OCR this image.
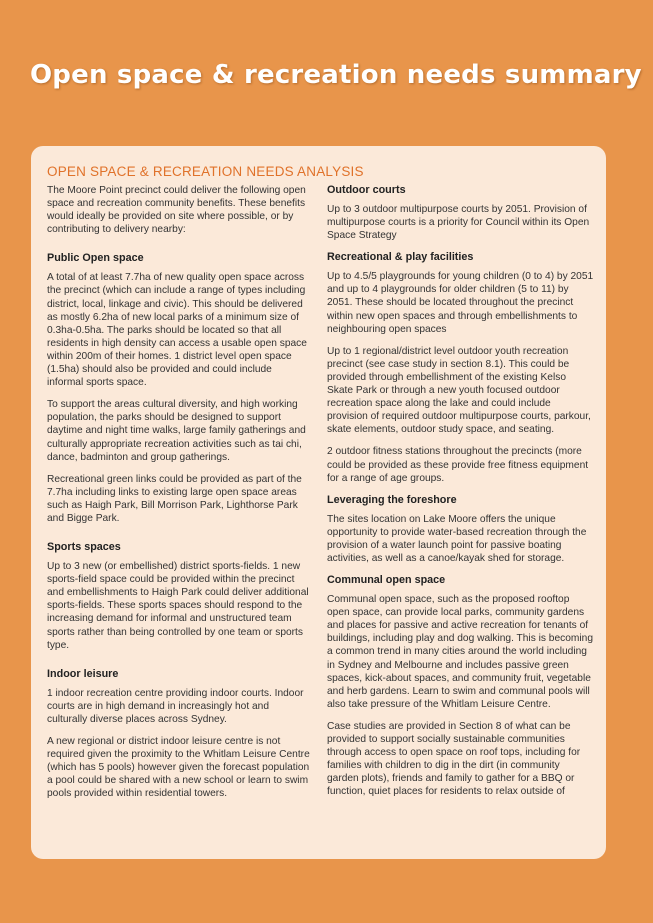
Open space & recreation needs summary
OPEN SPACE & RECREATION NEEDS ANALYSIS

The Moore Point precinct could deliver the following open space and recreation community benefits. These benefits would ideally be provided on site where possible, or by contributing to delivery nearby:

Public Open space

A total of at least 7.7ha of new quality open space across the precinct (which can include a range of types including district, local, linkage and civic). This should be delivered as mostly 6.2ha of new local parks of a minimum size of 0.3ha-0.5ha. The parks should be located so that all residents in high density can access a usable open space within 200m of their homes. 1 district level open space (1.5ha) should also be provided and could include informal sports space.

To support the areas cultural diversity, and high working population, the parks should be designed to support daytime and night time walks, large family gatherings and culturally appropriate recreation activities such as tai chi, dance, badminton and group gatherings.

Recreational green links could be provided as part of the 7.7ha including links to existing large open space areas such as Haigh Park, Bill Morrison Park, Lighthorse Park and Bigge Park.

Sports spaces

Up to 3 new (or embellished) district sports-fields. 1 new sports-field space could be provided within the precinct and embellishments to Haigh Park could deliver additional sports-fields. These sports spaces should respond to the increasing demand for informal and unstructured team sports rather than being controlled by one team or sports type.

Indoor leisure

1 indoor recreation centre providing indoor courts. Indoor courts are in high demand in increasingly hot and culturally diverse places across Sydney.

A new regional or district indoor leisure centre is not required given the proximity to the Whitlam Leisure Centre (which has 5 pools) however given the forecast population a pool could be shared with a new school or learn to swim pools provided within residential towers.

Outdoor courts

Up to 3 outdoor multipurpose courts by 2051. Provision of multipurpose courts is a priority for Council within its Open Space Strategy

Recreational & play facilities

Up to 4.5/5 playgrounds for young children (0 to 4) by 2051 and up to 4 playgrounds for older children (5 to 11) by 2051. These should be located throughout the precinct within new open spaces and through embellishments to neighbouring open spaces

Up to 1 regional/district level outdoor youth recreation precinct (see case study in section 8.1). This could be provided through embellishment of the existing Kelso Skate Park or through a new youth focused outdoor recreation space along the lake and could include provision of required outdoor multipurpose courts, parkour, skate elements, outdoor study space, and seating.

2 outdoor fitness stations throughout the precincts (more could be provided as these provide free fitness equipment for a range of age groups.

Leveraging the foreshore

The sites location on Lake Moore offers the unique opportunity to provide water-based recreation through the provision of a water launch point for passive boating activities, as well as a canoe/kayak shed for storage.

Communal open space

Communal open space, such as the proposed rooftop open space, can provide local parks, community gardens and places for passive and active recreation for tenants of buildings, including play and dog walking. This is becoming a common trend in many cities around the world including in Sydney and Melbourne and includes passive green spaces, kick-about spaces, and community fruit, vegetable and herb gardens. Learn to swim and communal pools will also take pressure of the Whitlam Leisure Centre.

Case studies are provided in Section 8 of what can be provided to support socially sustainable communities through access to open space on roof tops, including for families with children to dig in the dirt (in community garden plots), friends and family to gather for a BBQ or function, quiet places for residents to relax outside of
